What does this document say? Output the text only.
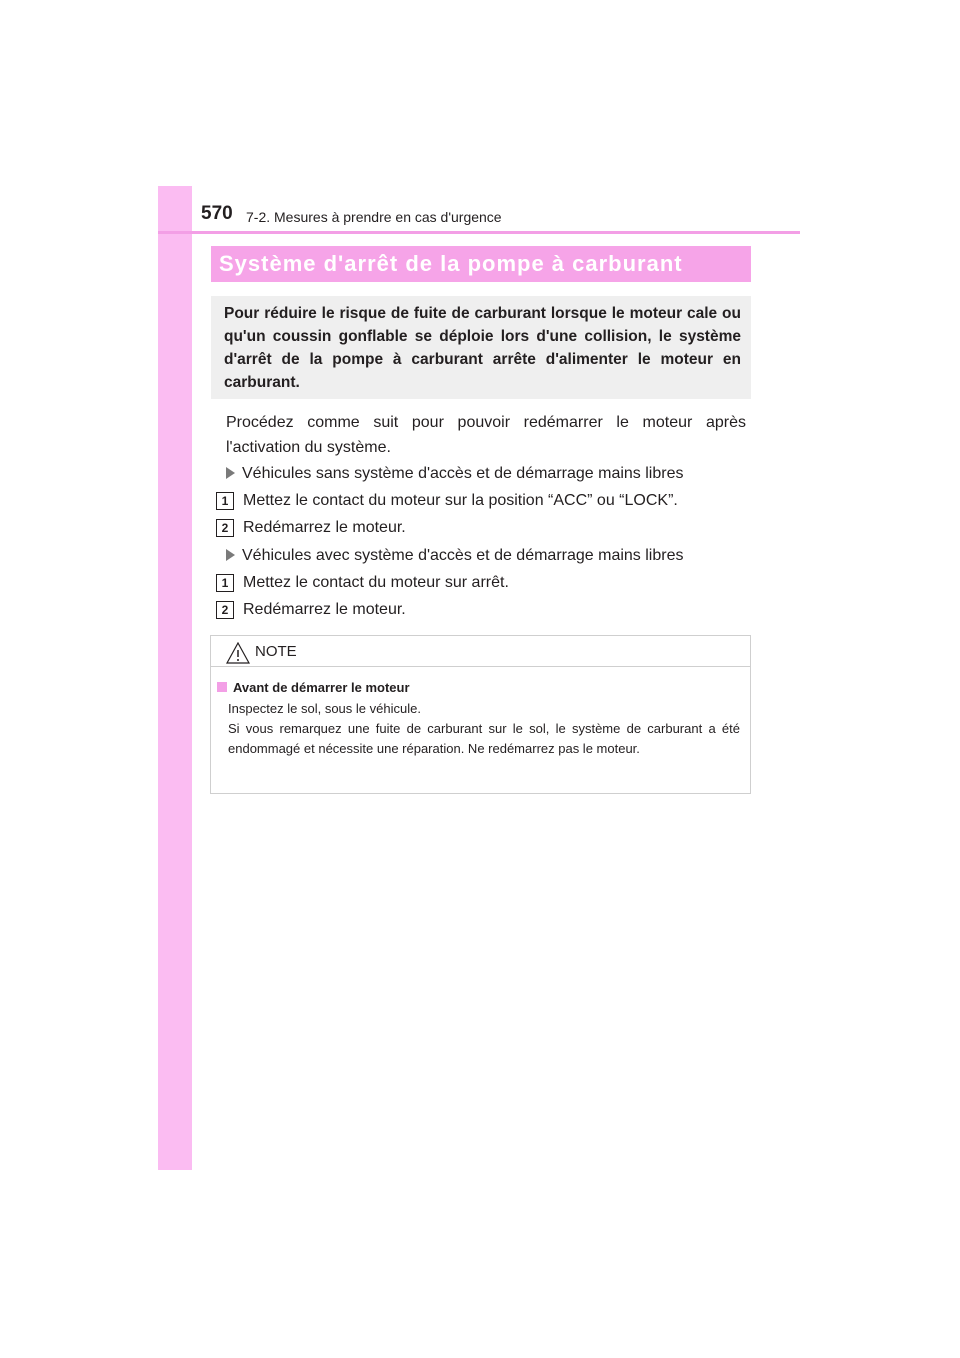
570 7-2. Mesures à prendre en cas d'urgence
Système d'arrêt de la pompe à carburant
Pour réduire le risque de fuite de carburant lorsque le moteur cale ou qu'un coussin gonflable se déploie lors d'une collision, le système d'arrêt de la pompe à carburant arrête d'alimenter le moteur en carburant.
Procédez comme suit pour pouvoir redémarrer le moteur après l'activation du système.
Véhicules sans système d'accès et de démarrage mains libres
1 Mettez le contact du moteur sur la position “ACC” ou “LOCK”.
2 Redémarrez le moteur.
Véhicules avec système d'accès et de démarrage mains libres
1 Mettez le contact du moteur sur arrêt.
2 Redémarrez le moteur.
NOTE
Avant de démarrer le moteur

Inspectez le sol, sous le véhicule.

Si vous remarquez une fuite de carburant sur le sol, le système de carburant a été endommagé et nécessite une réparation. Ne redémarrez pas le moteur.
